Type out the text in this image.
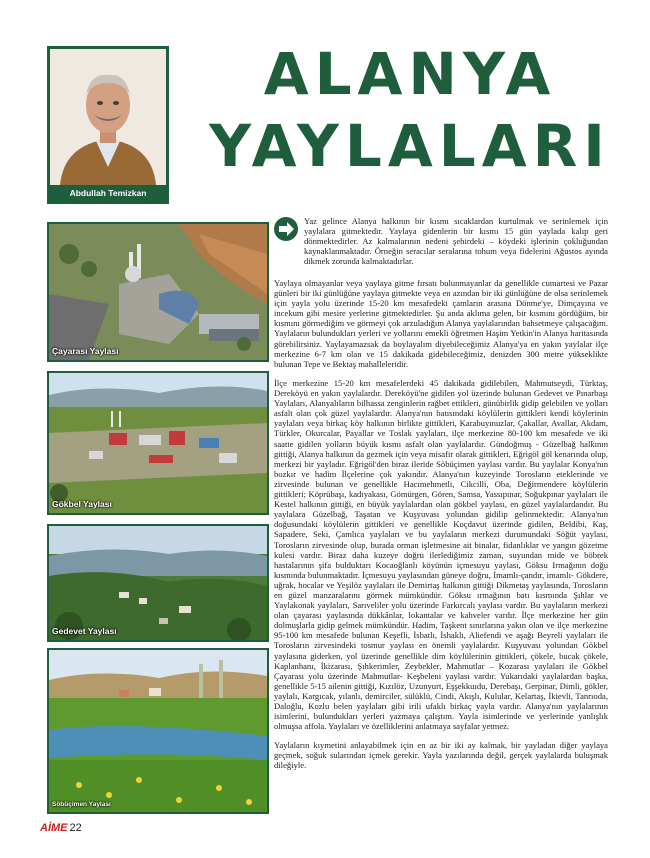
ALANYA
YAYLALARI
Abdullah Temizkan
Çayarası Yaylası
Gökbel Yaylası
Gedevet Yaylası
Söbüçimen Yaylası

Yaz gelince Alanya halkının bir kısmı sıcaklardan kurtulmak ve serinlemek için yaylalara gitmektedir. Yaylaya gidenlerin bir kısmı 15 gün yaylada kalıp geri dönmektedirler. Az kalmalarının nedeni şehirdeki – köydeki işlerinin çokluğundan kaynaklanmaktadır. Örneğin seracılar seralarına tohum veya fidelerini Ağustos ayında dikmek zorunda kalmaktadırlar.

Yaylaya olmayanlar veya yaylaya gitme fırsatı bulunmayanlar da genellikle cumartesi ve Pazar günleri bir iki günlüğüne yaylaya gitmekte veya en azından bir iki günlüğüne de olsa serinlemek için yayla yolu üzerinde 15-20 km mesafedeki çamların arasına Dönme'ye, Dimçayına ve incekum gibi mesire yerlerine gitmektedirler. Şu anda aklıma gelen, bir kısmını gördüğüm, bir kısmını görmediğim ve görmeyi çok arzuladığım Alanya yaylalarından bahsetmeye çalışacağım. Yaylaların bulundukları yerleri ve yollarını emekli öğretmen Haşim Yetkin'in Alanya haritasında görebilirsiniz. Yaylayamazsak da boylayalım diyebileceğimiz Alanya'ya en yakın yaylalar ilçe merkezine 6-7 km olan ve 15 dakikada gidebileceğimiz, denizden 300 metre yükseklikte bulunan Tepe ve Bektaş mahalleleridir.

İlçe merkezine 15-20 km mesafelerdeki 45 dakikada gidilebilen, Mahmutseydi, Türktaş, Dereköyü en yakın yaylalardır. Dereköyü'ne gidilen yol üzerinde bulunan Gedevet ve Pınarbaşı Yaylaları, Alanyalıların bilhassa zenginlerin rağbet ettikleri, günübirlik gidip gelebilen ve yolları asfalt olan çok güzel yaylalardır. Alanya'nın batısındaki köylülerin gittikleri kendi köylerinin yaylaları veya birkaç köy halkının birlikte gittikleri, Karabuyınuzlar, Çakallar, Avallar, Akdam, Türkler, Okurcalar, Payallar ve Toslak yaylaları, ilçe merkezine 80-100 km mesafede ve iki saatte gidilen yolların büyük kısmı asfalt olan yaylalardır. Gündoğmuş - Güzelbağ halkının gittiği, Alanya halkının da gezmek için veya misafir olarak gittikleri, Eğrigöl göl kenarında olup, merkezi bir yayladır. Eğrigöl'den biraz ileride Söbüçimen yaylası vardır. Bu yaylalar Konya'nın bozkır ve hadim İlçelerine çok yakındır. Alanya'nın kuzeyinde Torosların eteklerinde ve zirvesinde bulunan ve genellikle Hacımehmetli, Cikcilli, Oba, Değirmendere köylülerin gittikleri; Köprübaşı, kadıyakası, Gömürgen, Gören, Samsa, Yassıpınar, Soğukpınar yaylaları ile Kestel halkının gittiği, en büyük yaylalardan olan gökbel yaylası, en güzel yaylalardandır. Bu yaylalara Güzelbağ, Taşatan ve Kuşyuvası yolundan gidilip gelinmektedir. Alanya'nın doğusundaki köylülerin gittikleri ve genellikle Koçdavut üzerinde gidilen, Beldibi, Kaş, Sapadere, Seki, Çamlıca yaylaları ve bu yaylaların merkezi durumundaki Söğüt yaylası, Torosların zirvesinde olup, burada orman işletmesine ait binalar, fidanlıklar ve yangın gözetme kulesi vardır. Biraz daha kuzeye doğru ilerlediğimiz zaman, suyundan mide ve böbrek hastalarının şifa bulduktarı Kocaoğlanlı köyünün içmesuyu yaylası, Göksu Irmağının doğu kısmında bulunmaktadır. İçmesuyu yaylasından güneye doğru, İmamlı-çandır, imamlı- Gökdere, uğrak, hocalar ve Yeşilöz yaylaları ile Demirtaş halkının gittiği Dikmetaş yaylasında, Torosların en güzel manzaralarını görmek mümkündür. Göksu ırmağının batı kısmında Şıhlar ve Yaylakonak yaylaları, Sarıveliler yolu üzerinde Farkırcalı yaylası vardır. Bu yaylaların merkezi olan çayarası yaylasında dükkânlar, lokantalar ve kahveler vardır. İlçe merkezine her gün dolmuşlarla gidip gelmek mümkündür. Hadim, Taşkent sınırlarına yakın olan ve ilçe merkezine 95-100 km mesafede bulunan Keşefli, İsbatlı, İshaklı, Aliefendi ve aşağı Beyreli yaylaları ile Torosların zirvesindeki tosmur yaylası en önemli yaylalardır. Kuşyuvası yolundan Gökbel yaylasına giderken, yol üzerinde genellikle dim köylülerinin gittikleri, çökele, bucak çökele, Kaplanhanı, İkizarası, Şıhkerimler, Zeybekler, Mahmutlar – Kozarası yaylaları ile Gökbel Çayarası yolu üzerinde Mahmutlar- Keşbeleni yaylası vardır. Yukarıdaki yaylalardan başka, genellikle 5-15 ailenin gittiği, Kızılöz, Uzunyurt, Eşşekkuıdu, Derebaşı, Gerpinar, Dimli, gökler, yaylalı, Kargıcak, yılanlı, demirciler, sülüklü, Cindi, Akışlı, Kulular, Kelartaş, İkievli, Tanrıoda, Daloğlu, Kozlu belen yaylaları gibi irili ufaklı birkaç yayla vardır. Alanya'nın yaylalarının isimlerini, bulundukları yerleri yazmaya çalıştım. Yayla isimlerinde ve yerlerinde yanlışlık olmuşsa affola. Yaylaları ve özelliklerini anlatmaya sayfalar yetmez.

Yaylaların kıymetini anlayabilmek için en az bir iki ay kalmak, bir yayladan diğer yaylaya geçmek, soğuk sularından içmek gerekir. Yayla yazılarında değil, gerçek yaylalarda buluşmak dileğiyle.

AİME 22
